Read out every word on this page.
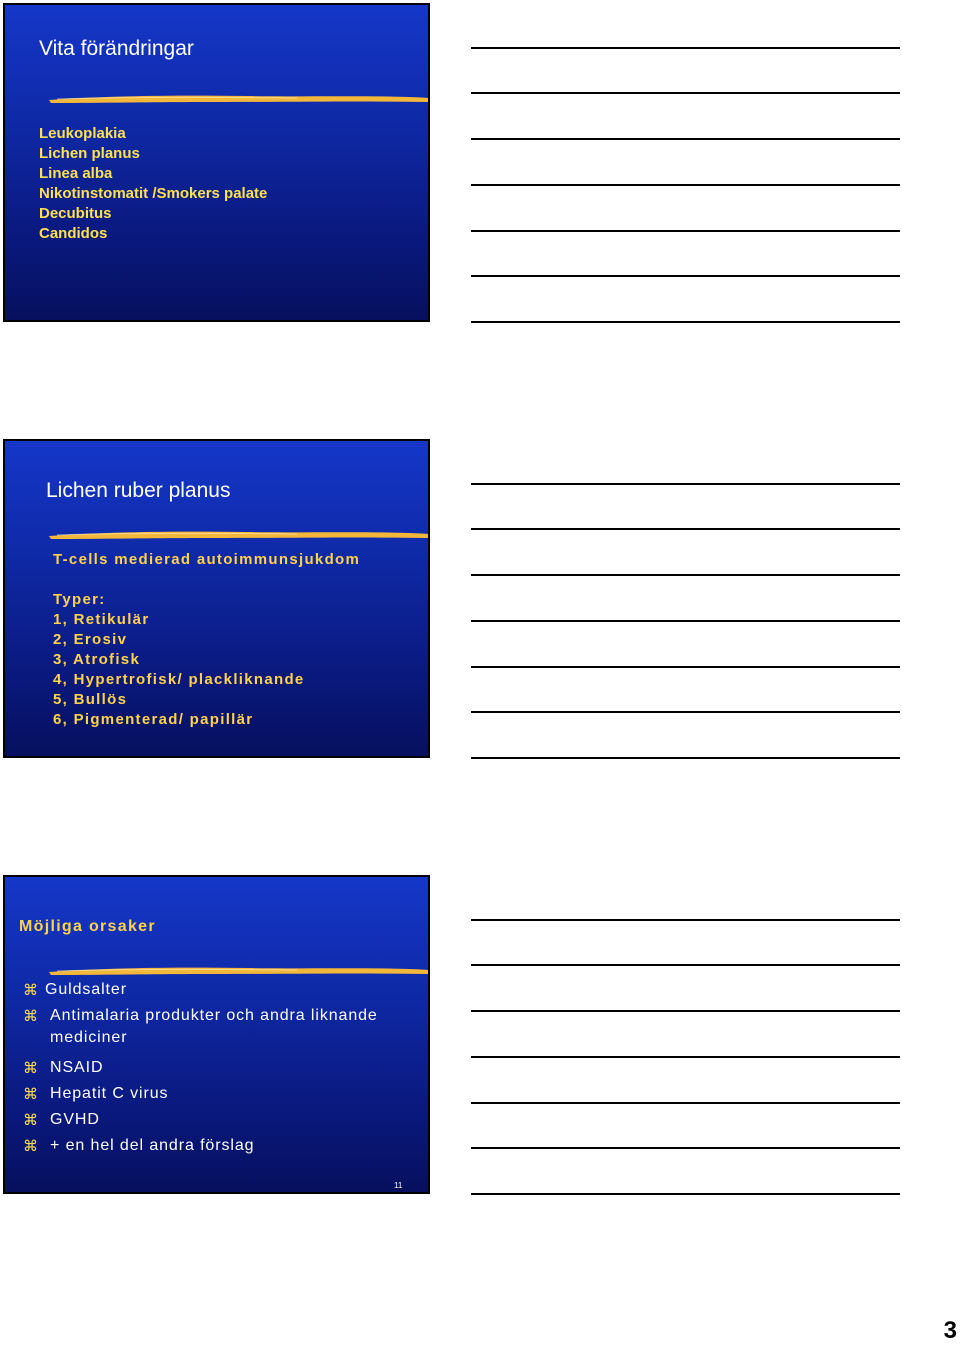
Vita förändringar
Leukoplakia
Lichen planus
Linea alba
Nikotinstomatit /Smokers palate
Decubitus
Candidos
Lichen ruber planus
T-cells medierad autoimmunsjukdom
Typer:
1, Retikulär
2, Erosiv
3, Atrofisk
4, Hypertrofisk/ plackliknande
5, Bullös
6, Pigmenterad/ papillär
Möjliga orsaker
⌘ Guldsalter
⌘ Antimalaria produkter och andra liknande
mediciner
⌘ NSAID
⌘ Hepatit C virus
⌘ GVHD
⌘ + en hel del andra förslag
11
3
